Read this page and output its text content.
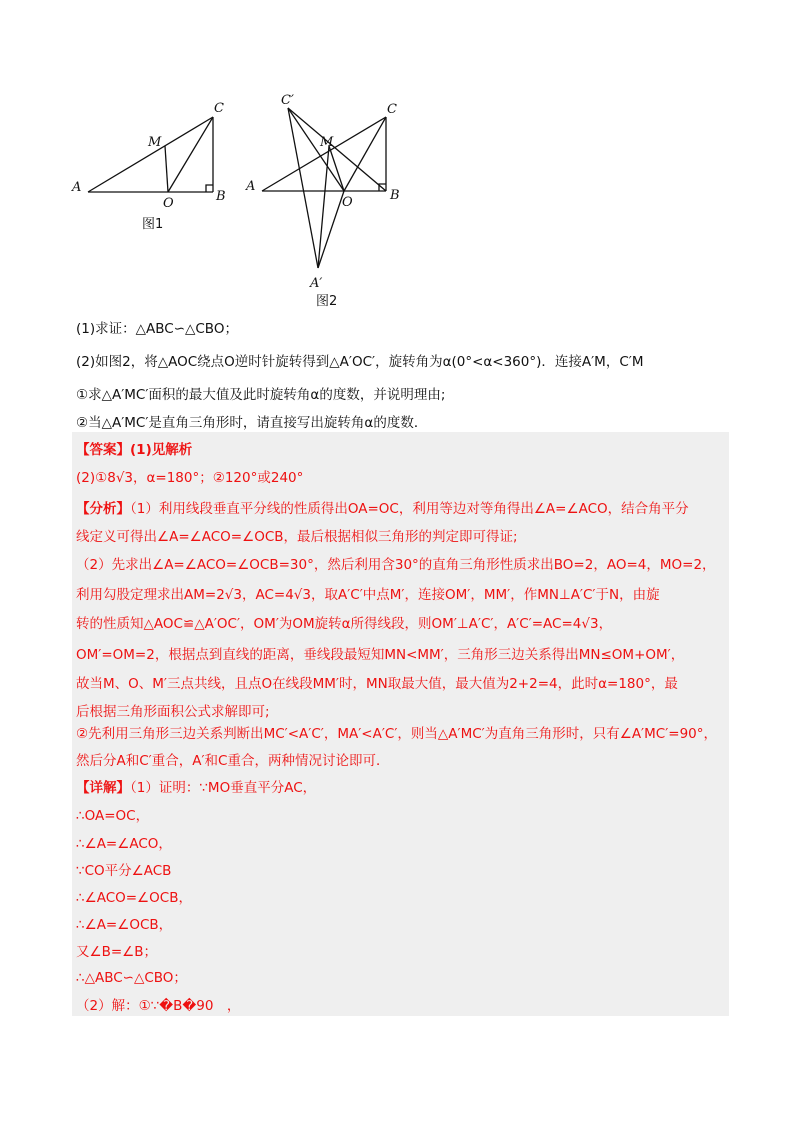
A
B
C
M
O
图1
A
B
C
M
O
C′
A′
图2
(1)求证：△ABC∽△CBO；
(2)如图2，将△AOC绕点O逆时针旋转得到△A′OC′，旋转角为α(0°<α<360°)．连接A′M，C′M
①求△A′MC′面积的最大值及此时旋转角α的度数，并说明理由;
②当△A′MC′是直角三角形时，请直接写出旋转角α的度数．
【答案】(1)见解析
(2)①8√3，α=180°；②120°或240°
【分析】（1）利用线段垂直平分线的性质得出OA=OC，利用等边对等角得出∠A=∠ACO，结合角平分
线定义可得出∠A=∠ACO=∠OCB，最后根据相似三角形的判定即可得证;
（2）先求出∠A=∠ACO=∠OCB=30°，然后利用含30°的直角三角形性质求出BO=2，AO=4，MO=2，
利用勾股定理求出AM=2√3，AC=4√3，取A′C′中点M′，连接OM′，MM′，作MN⊥A′C′于N，由旋
转的性质知△AOC≌△A′OC′，OM′为OM旋转α所得线段，则OM′⊥A′C′，A′C′=AC=4√3，
OM′=OM=2，根据点到直线的距离，垂线段最短知MN<MM′，三角形三边关系得出MN≤OM+OM′，
故当M、O、M′三点共线，且点O在线段MM′时，MN取最大值，最大值为2+2=4，此时α=180°，最
后根据三角形面积公式求解即可;
②先利用三角形三边关系判断出MC′<A′C′，MA′<A′C′，则当△A′MC′为直角三角形时，只有∠A′MC′=90°，
然后分A和C′重合，A′和C重合，两种情况讨论即可．
【详解】（1）证明：∵MO垂直平分AC，
∴OA=OC，
∴∠A=∠ACO，
∵CO平分∠ACB
∴∠ACO=∠OCB，
∴∠A=∠OCB，
又∠B=∠B；
∴△ABC∽△CBO；
（2）解：①∵�B�90　，
